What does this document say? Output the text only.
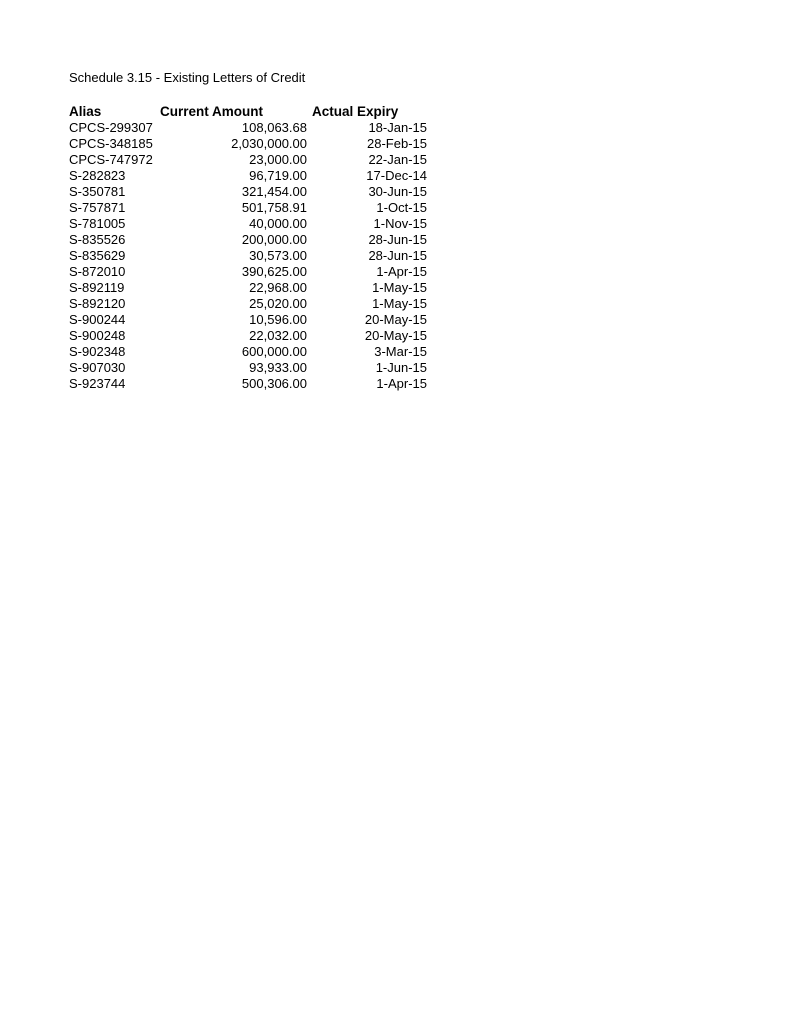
Schedule 3.15 - Existing Letters of Credit
Alias	Current Amount	Actual Expiry
CPCS-299307	108,063.68	18-Jan-15
CPCS-348185	2,030,000.00	28-Feb-15
CPCS-747972	23,000.00	22-Jan-15
S-282823	96,719.00	17-Dec-14
S-350781	321,454.00	30-Jun-15
S-757871	501,758.91	1-Oct-15
S-781005	40,000.00	1-Nov-15
S-835526	200,000.00	28-Jun-15
S-835629	30,573.00	28-Jun-15
S-872010	390,625.00	1-Apr-15
S-892119	22,968.00	1-May-15
S-892120	25,020.00	1-May-15
S-900244	10,596.00	20-May-15
S-900248	22,032.00	20-May-15
S-902348	600,000.00	3-Mar-15
S-907030	93,933.00	1-Jun-15
S-923744	500,306.00	1-Apr-15
